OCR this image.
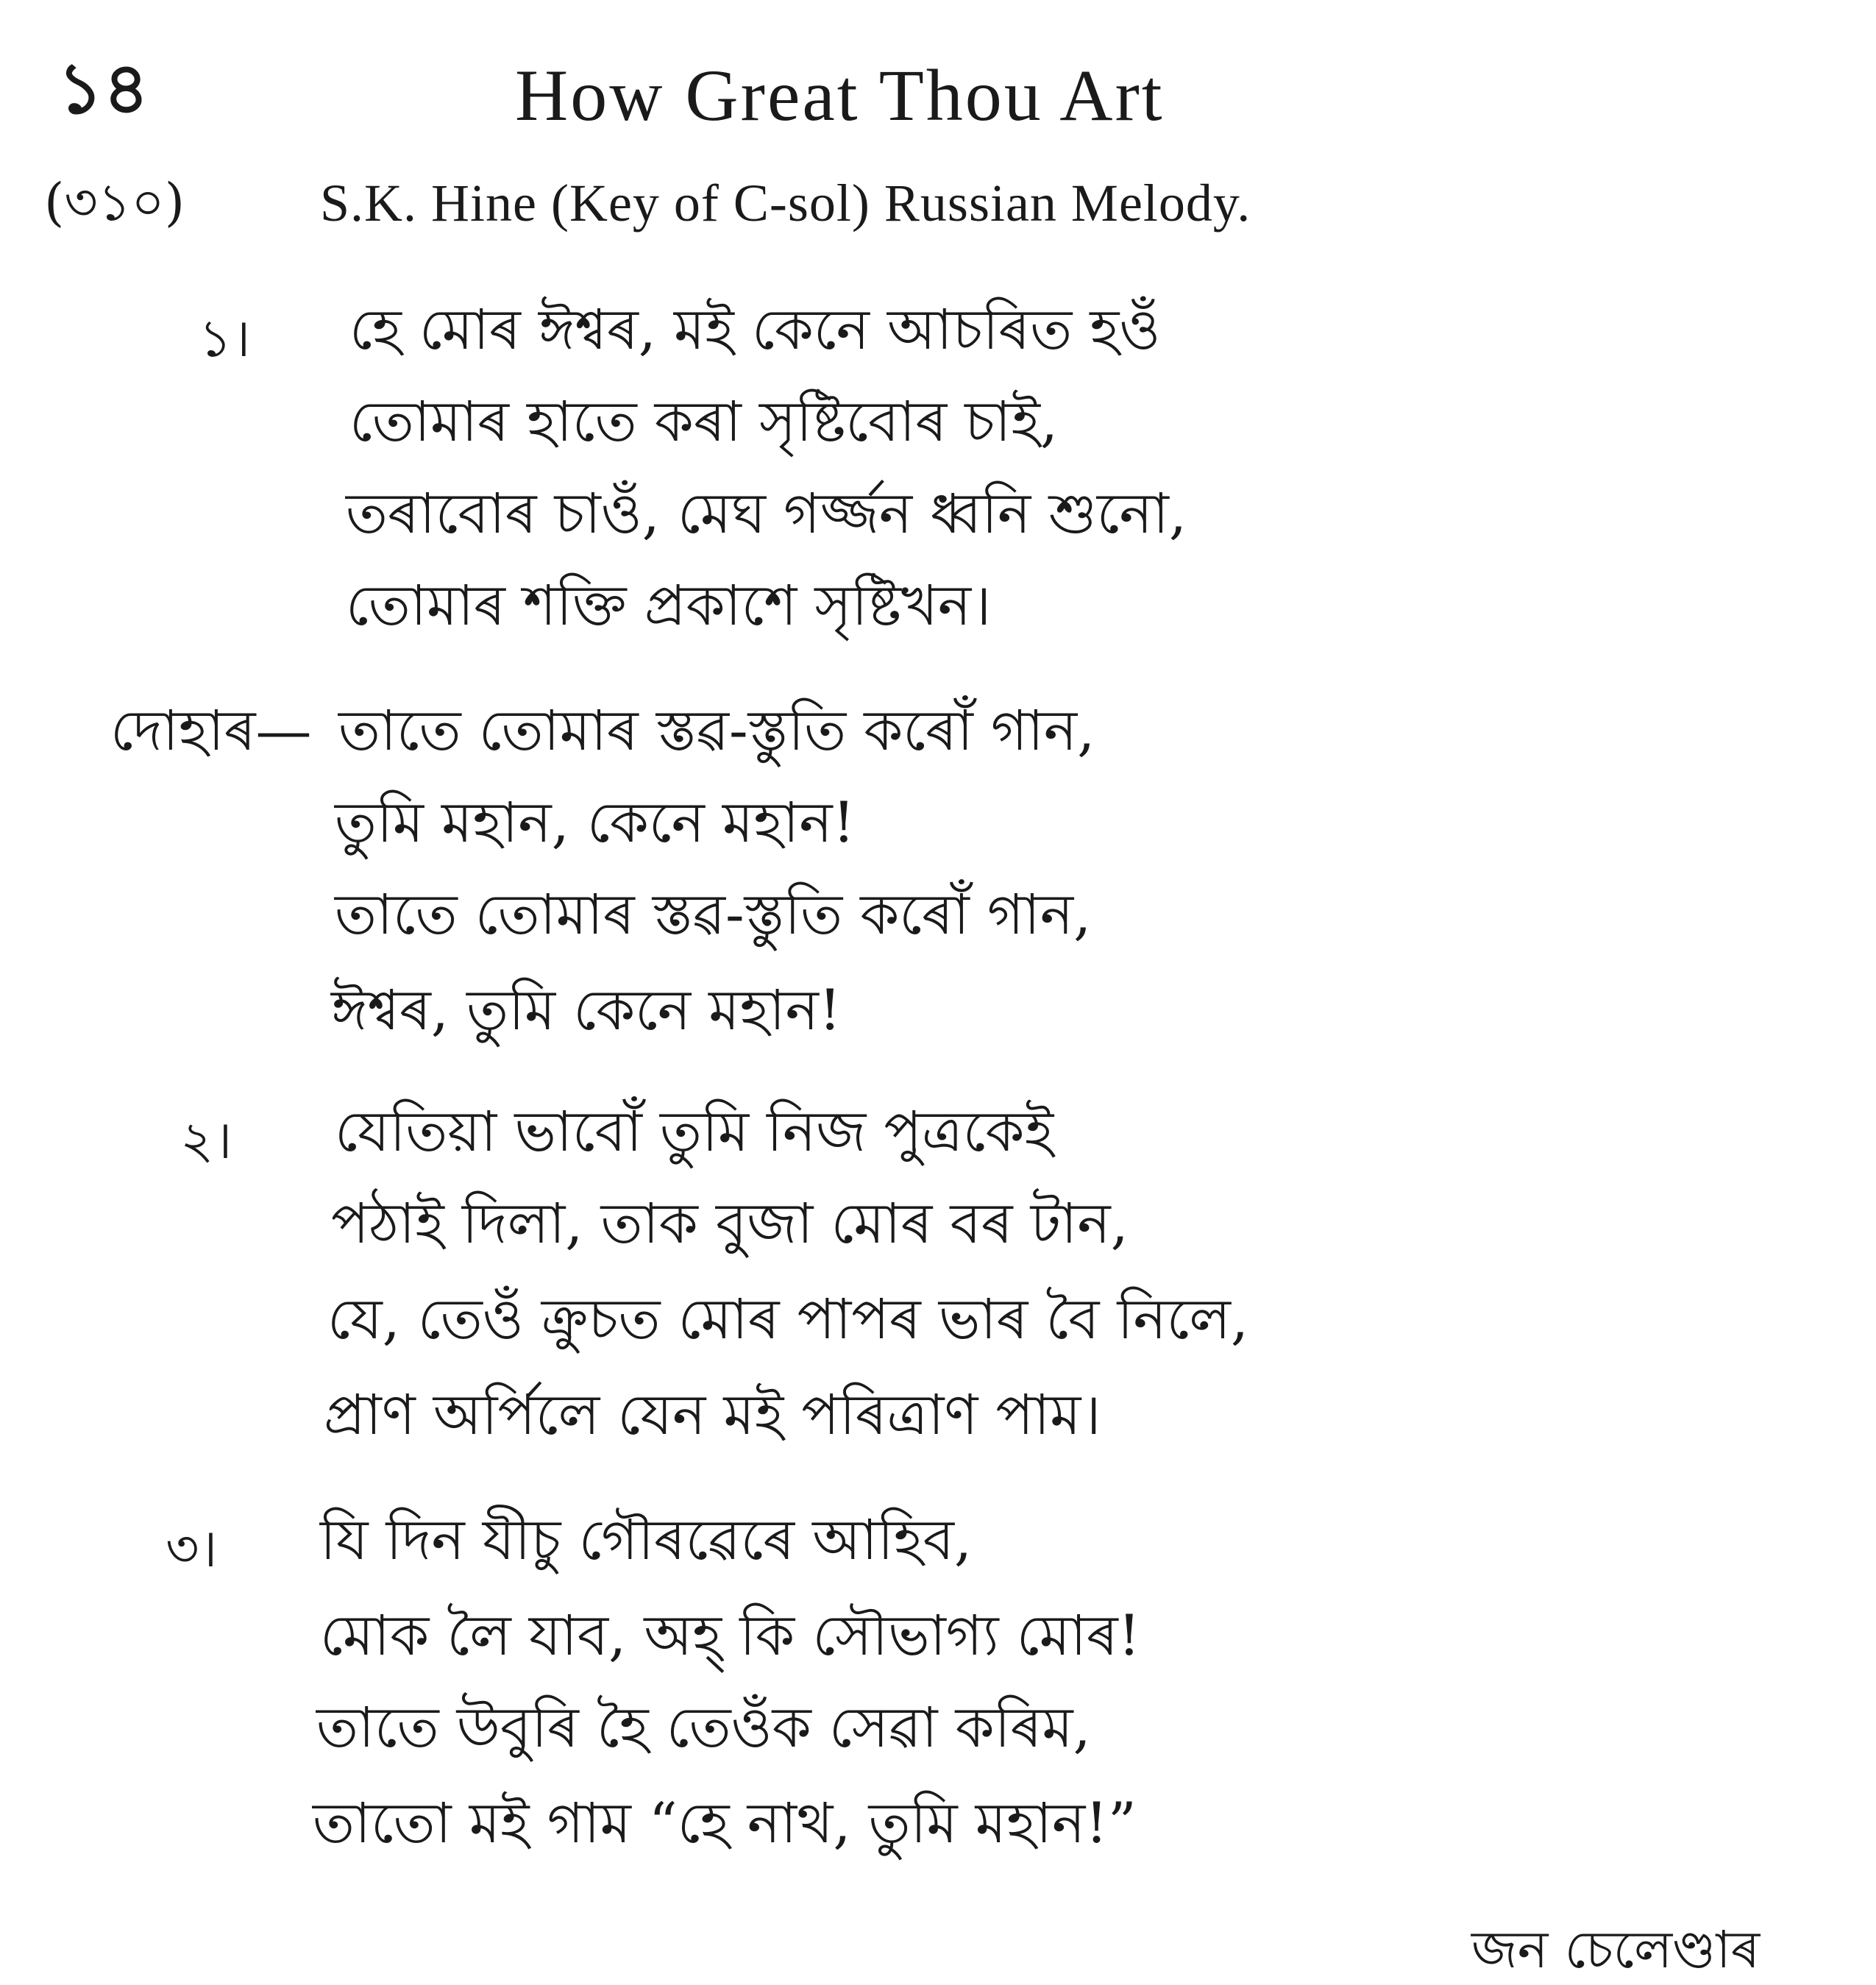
১৪	How Great Thou Art
(৩১০)	S.K. Hine (Key of C-sol) Russian Melody.
১। হে মোৰ ঈশ্বৰ, মই কেনে আচৰিত হওঁ
তোমাৰ হাতে কৰা সৃষ্টিবোৰ চাই,
তৰাবোৰ চাওঁ, মেঘ গৰ্জ্জন ধ্বনি শুনো,
তোমাৰ শক্তি প্ৰকাশে সৃষ্টিখন।
দোহাৰ— তাতে তোমাৰ স্তৱ-স্তুতি কৰোঁ গান,
তুমি মহান, কেনে মহান!
তাতে তোমাৰ স্তৱ-স্তুতি কৰোঁ গান,
ঈশ্বৰ, তুমি কেনে মহান!
২। যেতিয়া ভাবোঁ তুমি নিজ পুত্ৰকেই
পঠাই দিলা, তাক বুজা মোৰ বৰ টান,
যে, তেওঁ ক্ৰুচত মোৰ পাপৰ ভাৰ বৈ নিলে,
প্ৰাণ অৰ্পিলে যেন মই পৰিত্ৰাণ পাম।
৩। যি দিন যীচু গৌৰৱেৰে আহিব,
মোক লৈ যাব, অহ্ কি সৌভাগ্য মোৰ!
তাতে উবুৰি হৈ তেওঁক সেৱা কৰিম,
তাতো মই গাম “হে নাথ, তুমি মহান!”
জন চেলেণ্ডাৰ
